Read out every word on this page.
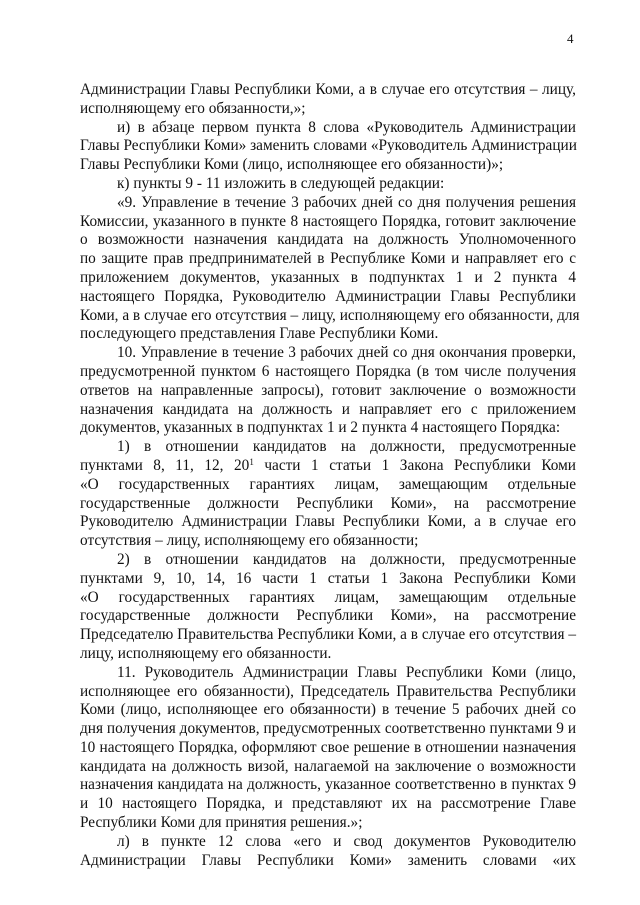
4
Администрации Главы Республики Коми, а в случае его отсутствия – лицу,
исполняющему его обязанности,»;
и) в абзаце первом пункта 8 слова «Руководитель Администрации
Главы Республики Коми» заменить словами «Руководитель Администрации
Главы Республики Коми (лицо, исполняющее его обязанности)»;
к) пункты 9 - 11 изложить в следующей редакции:
«9. Управление в течение 3 рабочих дней со дня получения решения
Комиссии, указанного в пункте 8 настоящего Порядка, готовит заключение
о возможности назначения кандидата на должность Уполномоченного
по защите прав предпринимателей в Республике Коми и направляет его с
приложением документов, указанных в подпунктах 1 и 2 пункта 4
настоящего Порядка, Руководителю Администрации Главы Республики
Коми, а в случае его отсутствия – лицу, исполняющему его обязанности, для
последующего представления Главе Республики Коми.
10. Управление в течение 3 рабочих дней со дня окончания проверки,
предусмотренной пунктом 6 настоящего Порядка (в том числе получения
ответов на направленные запросы), готовит заключение о возможности
назначения кандидата на должность и направляет его с приложением
документов, указанных в подпунктах 1 и 2 пункта 4 настоящего Порядка:
1) в отношении кандидатов на должности, предусмотренные
пунктами 8, 11, 12, $20^1$ части 1 статьи 1 Закона Республики Коми
«О государственных гарантиях лицам, замещающим отдельные
государственные должности Республики Коми», на рассмотрение
Руководителю Администрации Главы Республики Коми, а в случае его
отсутствия – лицу, исполняющему его обязанности;
2) в отношении кандидатов на должности, предусмотренные
пунктами 9, 10, 14, 16 части 1 статьи 1 Закона Республики Коми
«О государственных гарантиях лицам, замещающим отдельные
государственные должности Республики Коми», на рассмотрение
Председателю Правительства Республики Коми, а в случае его отсутствия –
лицу, исполняющему его обязанности.
11. Руководитель Администрации Главы Республики Коми (лицо,
исполняющее его обязанности), Председатель Правительства Республики
Коми (лицо, исполняющее его обязанности) в течение 5 рабочих дней со
дня получения документов, предусмотренных соответственно пунктами 9 и
10 настоящего Порядка, оформляют свое решение в отношении назначения
кандидата на должность визой, налагаемой на заключение о возможности
назначения кандидата на должность, указанное соответственно в пунктах 9
и 10 настоящего Порядка, и представляют их на рассмотрение Главе
Республики Коми для принятия решения.»;
л) в пункте 12 слова «его и свод документов Руководителю
Администрации Главы Республики Коми» заменить словами «их
